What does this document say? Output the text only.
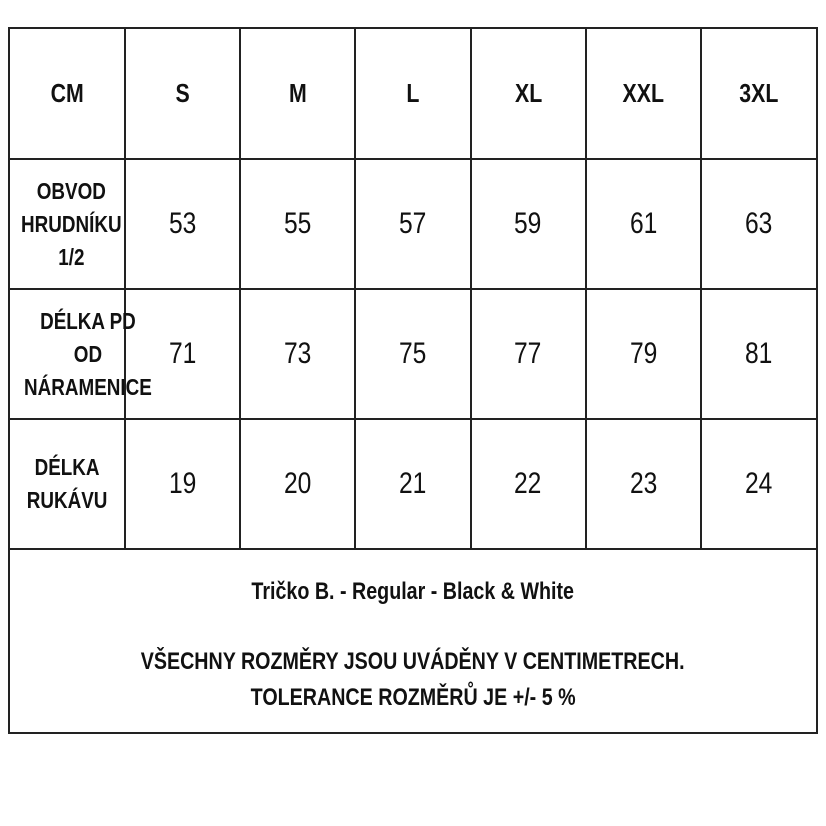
CM	S	M	L	XL	XXL	3XL
OBVOD
HRUDNÍKU 1/2	53	55	57	59	61	63
DÉLKA PD OD
NÁRAMENICE	71	73	75	77	79	81
DÉLKA RUKÁVU	19	20	21	22	23	24
Tričko B. - Regular - Black & White
VŠECHNY ROZMĚRY JSOU UVÁDĚNY V CENTIMETRECH.
TOLERANCE ROZMĚRŮ JE +/- 5 %
